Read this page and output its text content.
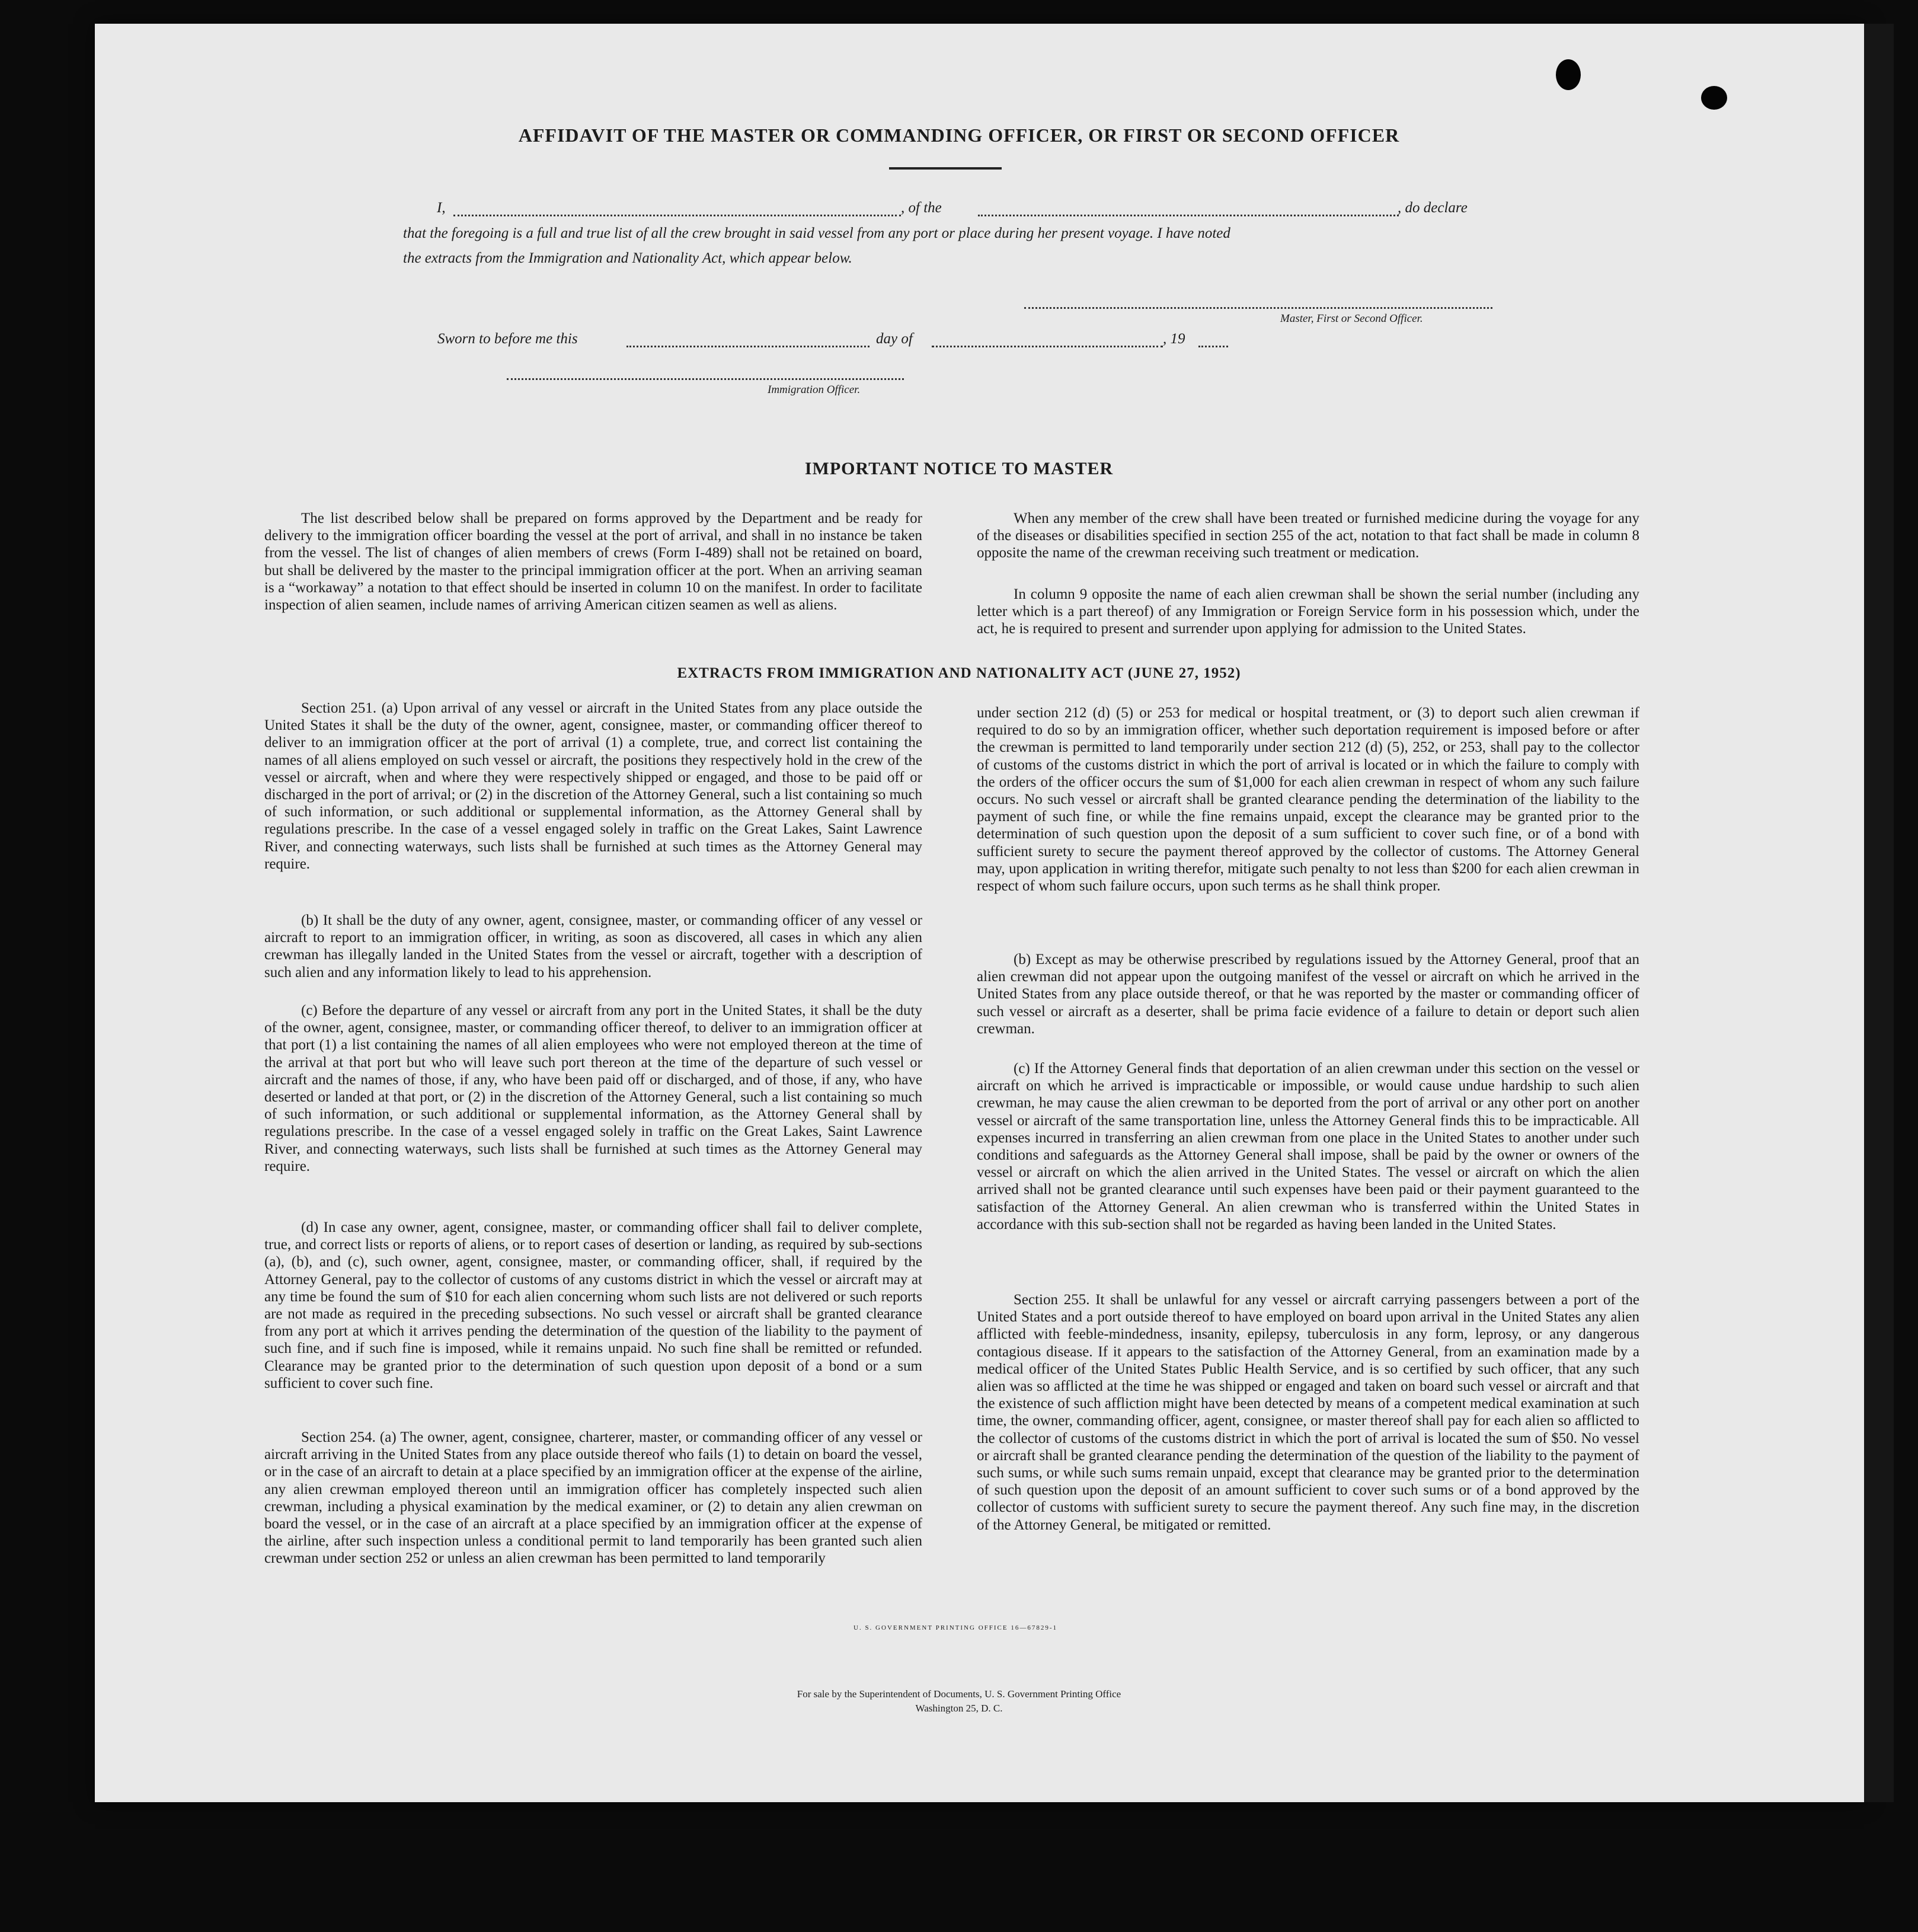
AFFIDAVIT OF THE MASTER OR COMMANDING OFFICER, OR FIRST OR SECOND OFFICER
I,	, of the	, do declare
that the foregoing is a full and true list of all the crew brought in said vessel from any port or place during her present voyage. I have noted
the extracts from the Immigration and Nationality Act, which appear below.
Master, First or Second Officer.
Sworn to before me this	day of	, 19
Immigration Officer.
IMPORTANT NOTICE TO MASTER
The list described below shall be prepared on forms approved by the Department and be ready for delivery to the immigration officer boarding the vessel at the port of arrival, and shall in no instance be taken from the vessel. The list of changes of alien members of crews (Form I-489) shall not be retained on board, but shall be delivered by the master to the principal immigration officer at the port. When an arriving seaman is a “workaway” a notation to that effect should be inserted in column 10 on the manifest. In order to facilitate inspection of alien seamen, include names of arriving American citizen seamen as well as aliens.
When any member of the crew shall have been treated or furnished medicine during the voyage for any of the diseases or disabilities specified in section 255 of the act, notation to that fact shall be made in column 8 opposite the name of the crewman receiving such treatment or medication.
In column 9 opposite the name of each alien crewman shall be shown the serial number (including any letter which is a part thereof) of any Immigration or Foreign Service form in his possession which, under the act, he is required to present and surrender upon applying for admission to the United States.
EXTRACTS FROM IMMIGRATION AND NATIONALITY ACT (JUNE 27, 1952)
Section 251. (a) Upon arrival of any vessel or aircraft in the United States from any place outside the United States it shall be the duty of the owner, agent, consignee, master, or commanding officer thereof to deliver to an immigration officer at the port of arrival (1) a complete, true, and correct list containing the names of all aliens employed on such vessel or aircraft, the positions they respectively hold in the crew of the vessel or aircraft, when and where they were respectively shipped or engaged, and those to be paid off or discharged in the port of arrival; or (2) in the discretion of the Attorney General, such a list containing so much of such information, or such additional or supplemental information, as the Attorney General shall by regulations prescribe. In the case of a vessel engaged solely in traffic on the Great Lakes, Saint Lawrence River, and connecting waterways, such lists shall be furnished at such times as the Attorney General may require.
(b) It shall be the duty of any owner, agent, consignee, master, or commanding officer of any vessel or aircraft to report to an immigration officer, in writing, as soon as discovered, all cases in which any alien crewman has illegally landed in the United States from the vessel or aircraft, together with a description of such alien and any information likely to lead to his apprehension.
(c) Before the departure of any vessel or aircraft from any port in the United States, it shall be the duty of the owner, agent, consignee, master, or commanding officer thereof, to deliver to an immigration officer at that port (1) a list containing the names of all alien employees who were not employed thereon at the time of the arrival at that port but who will leave such port thereon at the time of the departure of such vessel or aircraft and the names of those, if any, who have been paid off or discharged, and of those, if any, who have deserted or landed at that port, or (2) in the discretion of the Attorney General, such a list containing so much of such information, or such additional or supplemental information, as the Attorney General shall by regulations prescribe. In the case of a vessel engaged solely in traffic on the Great Lakes, Saint Lawrence River, and connecting waterways, such lists shall be furnished at such times as the Attorney General may require.
(d) In case any owner, agent, consignee, master, or commanding officer shall fail to deliver complete, true, and correct lists or reports of aliens, or to report cases of desertion or landing, as required by sub-sections (a), (b), and (c), such owner, agent, consignee, master, or commanding officer, shall, if required by the Attorney General, pay to the collector of customs of any customs district in which the vessel or aircraft may at any time be found the sum of $10 for each alien concerning whom such lists are not delivered or such reports are not made as required in the preceding subsections. No such vessel or aircraft shall be granted clearance from any port at which it arrives pending the determination of the question of the liability to the payment of such fine, and if such fine is imposed, while it remains unpaid. No such fine shall be remitted or refunded. Clearance may be granted prior to the determination of such question upon deposit of a bond or a sum sufficient to cover such fine.
Section 254. (a) The owner, agent, consignee, charterer, master, or commanding officer of any vessel or aircraft arriving in the United States from any place outside thereof who fails (1) to detain on board the vessel, or in the case of an aircraft to detain at a place specified by an immigration officer at the expense of the airline, any alien crewman employed thereon until an immigration officer has completely inspected such alien crewman, including a physical examination by the medical examiner, or (2) to detain any alien crewman on board the vessel, or in the case of an aircraft at a place specified by an immigration officer at the expense of the airline, after such inspection unless a conditional permit to land temporarily has been granted such alien crewman under section 252 or unless an alien crewman has been permitted to land temporarily
under section 212 (d) (5) or 253 for medical or hospital treatment, or (3) to deport such alien crewman if required to do so by an immigration officer, whether such deportation requirement is imposed before or after the crewman is permitted to land temporarily under section 212 (d) (5), 252, or 253, shall pay to the collector of customs of the customs district in which the port of arrival is located or in which the failure to comply with the orders of the officer occurs the sum of $1,000 for each alien crewman in respect of whom any such failure occurs. No such vessel or aircraft shall be granted clearance pending the determination of the liability to the payment of such fine, or while the fine remains unpaid, except the clearance may be granted prior to the determination of such question upon the deposit of a sum sufficient to cover such fine, or of a bond with sufficient surety to secure the payment thereof approved by the collector of customs. The Attorney General may, upon application in writing therefor, mitigate such penalty to not less than $200 for each alien crewman in respect of whom such failure occurs, upon such terms as he shall think proper.
(b) Except as may be otherwise prescribed by regulations issued by the Attorney General, proof that an alien crewman did not appear upon the outgoing manifest of the vessel or aircraft on which he arrived in the United States from any place outside thereof, or that he was reported by the master or commanding officer of such vessel or aircraft as a deserter, shall be prima facie evidence of a failure to detain or deport such alien crewman.
(c) If the Attorney General finds that deportation of an alien crewman under this section on the vessel or aircraft on which he arrived is impracticable or impossible, or would cause undue hardship to such alien crewman, he may cause the alien crewman to be deported from the port of arrival or any other port on another vessel or aircraft of the same transportation line, unless the Attorney General finds this to be impracticable. All expenses incurred in transferring an alien crewman from one place in the United States to another under such conditions and safeguards as the Attorney General shall impose, shall be paid by the owner or owners of the vessel or aircraft on which the alien arrived in the United States. The vessel or aircraft on which the alien arrived shall not be granted clearance until such expenses have been paid or their payment guaranteed to the satisfaction of the Attorney General. An alien crewman who is transferred within the United States in accordance with this sub-section shall not be regarded as having been landed in the United States.
Section 255. It shall be unlawful for any vessel or aircraft carrying passengers between a port of the United States and a port outside thereof to have employed on board upon arrival in the United States any alien afflicted with feeble-mindedness, insanity, epilepsy, tuberculosis in any form, leprosy, or any dangerous contagious disease. If it appears to the satisfaction of the Attorney General, from an examination made by a medical officer of the United States Public Health Service, and is so certified by such officer, that any such alien was so afflicted at the time he was shipped or engaged and taken on board such vessel or aircraft and that the existence of such affliction might have been detected by means of a competent medical examination at such time, the owner, commanding officer, agent, consignee, or master thereof shall pay for each alien so afflicted to the collector of customs of the customs district in which the port of arrival is located the sum of $50. No vessel or aircraft shall be granted clearance pending the determination of the question of the liability to the payment of such sums, or while such sums remain unpaid, except that clearance may be granted prior to the determination of such question upon the deposit of an amount sufficient to cover such sums or of a bond approved by the collector of customs with sufficient surety to secure the payment thereof. Any such fine may, in the discretion of the Attorney General, be mitigated or remitted.
U. S. GOVERNMENT PRINTING OFFICE 16—67829-1
For sale by the Superintendent of Documents, U. S. Government Printing Office
Washington 25, D. C.
